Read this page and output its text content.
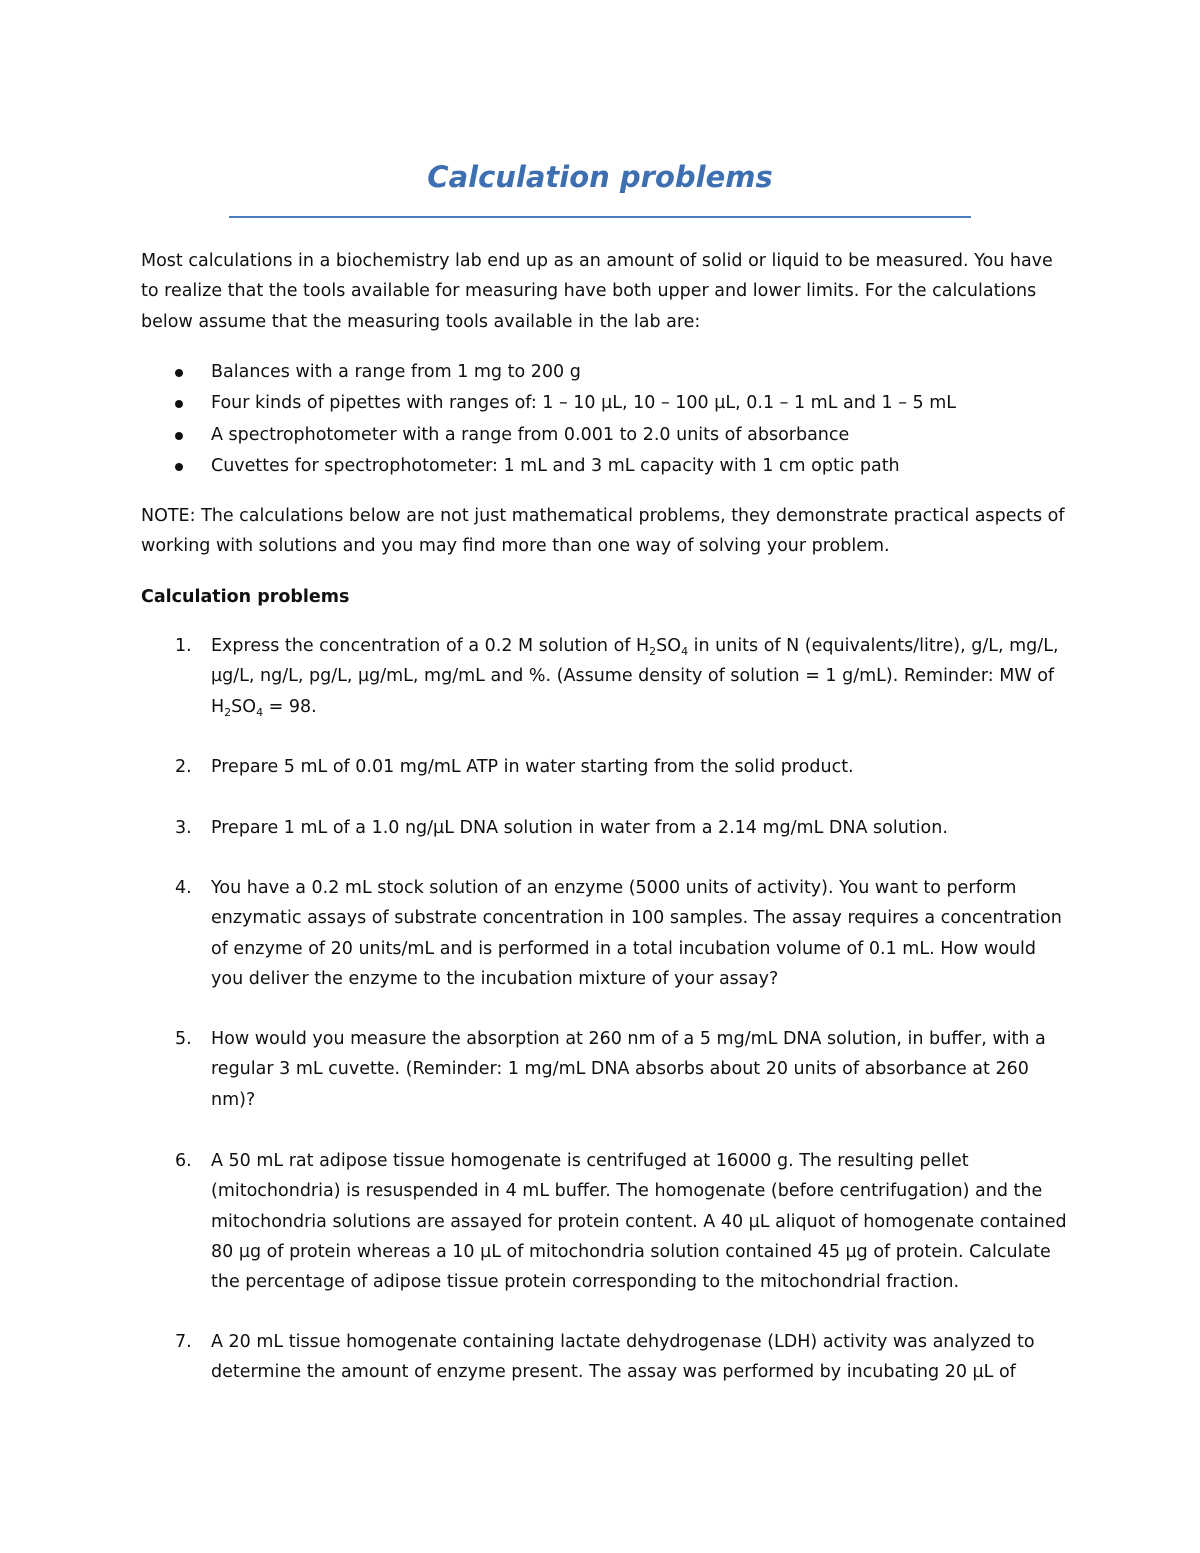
Calculation problems
Most calculations in a biochemistry lab end up as an amount of solid or liquid to be measured. You have to realize that the tools available for measuring have both upper and lower limits. For the calculations below assume that the measuring tools available in the lab are:
Balances with a range from 1 mg to 200 g
Four kinds of pipettes with ranges of: 1 – 10 µL, 10 – 100 µL, 0.1 – 1 mL and 1 – 5 mL
A spectrophotometer with a range from 0.001 to 2.0 units of absorbance
Cuvettes for spectrophotometer: 1 mL and 3 mL capacity with 1 cm optic path
NOTE: The calculations below are not just mathematical problems, they demonstrate practical aspects of working with solutions and you may find more than one way of solving your problem.
Calculation problems
1. Express the concentration of a 0.2 M solution of $H_2SO_4$ in units of N (equivalents/litre), g/L, mg/L, µg/L, ng/L, pg/L, µg/mL, mg/mL and %. (Assume density of solution = 1 g/mL). Reminder: MW of $H_2SO_4 = 98$.
2. Prepare 5 mL of 0.01 mg/mL ATP in water starting from the solid product.
3. Prepare 1 mL of a 1.0 ng/µL DNA solution in water from a 2.14 mg/mL DNA solution.
4. You have a 0.2 mL stock solution of an enzyme (5000 units of activity). You want to perform enzymatic assays of substrate concentration in 100 samples. The assay requires a concentration of enzyme of 20 units/mL and is performed in a total incubation volume of 0.1 mL. How would you deliver the enzyme to the incubation mixture of your assay?
5. How would you measure the absorption at 260 nm of a 5 mg/mL DNA solution, in buffer, with a regular 3 mL cuvette. (Reminder: 1 mg/mL DNA absorbs about 20 units of absorbance at 260 nm)?
6. A 50 mL rat adipose tissue homogenate is centrifuged at 16000 g. The resulting pellet (mitochondria) is resuspended in 4 mL buffer. The homogenate (before centrifugation) and the mitochondria solutions are assayed for protein content. A 40 µL aliquot of homogenate contained 80 µg of protein whereas a 10 µL of mitochondria solution contained 45 µg of protein. Calculate the percentage of adipose tissue protein corresponding to the mitochondrial fraction.
7. A 20 mL tissue homogenate containing lactate dehydrogenase (LDH) activity was analyzed to determine the amount of enzyme present. The assay was performed by incubating 20 µL of
